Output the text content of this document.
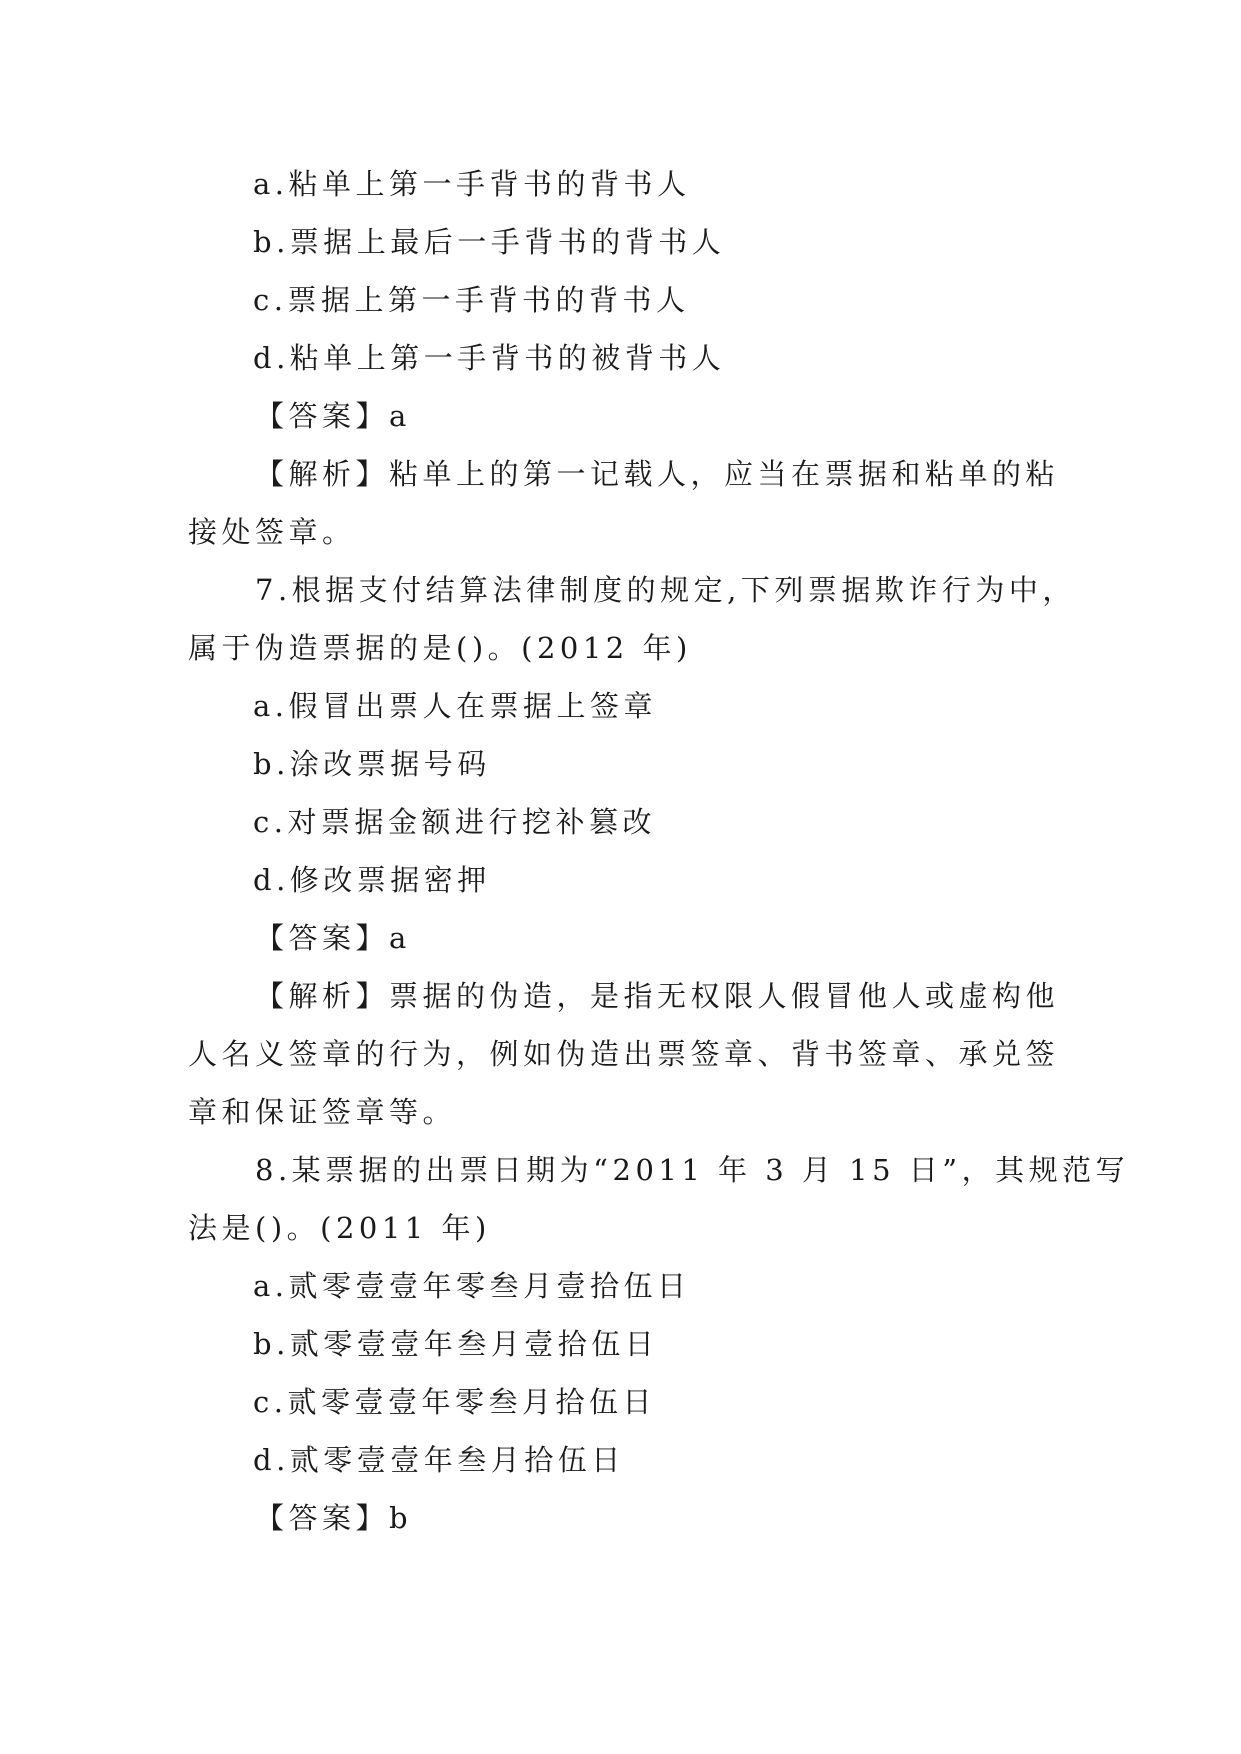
a.粘单上第一手背书的背书人
b.票据上最后一手背书的背书人
c.票据上第一手背书的背书人
d.粘单上第一手背书的被背书人
【答案】a
【解析】粘单上的第一记载人，应当在票据和粘单的粘
接处签章。
7.根据支付结算法律制度的规定,下列票据欺诈行为中，
属于伪造票据的是()。(2012 年)
a.假冒出票人在票据上签章
b.涂改票据号码
c.对票据金额进行挖补篡改
d.修改票据密押
【答案】a
【解析】票据的伪造，是指无权限人假冒他人或虚构他
人名义签章的行为，例如伪造出票签章、背书签章、承兑签
章和保证签章等。
8.某票据的出票日期为“2011 年 3 月 15 日”，其规范写
法是()。(2011 年)
a.贰零壹壹年零叁月壹拾伍日
b.贰零壹壹年叁月壹拾伍日
c.贰零壹壹年零叁月拾伍日
d.贰零壹壹年叁月拾伍日
【答案】b
